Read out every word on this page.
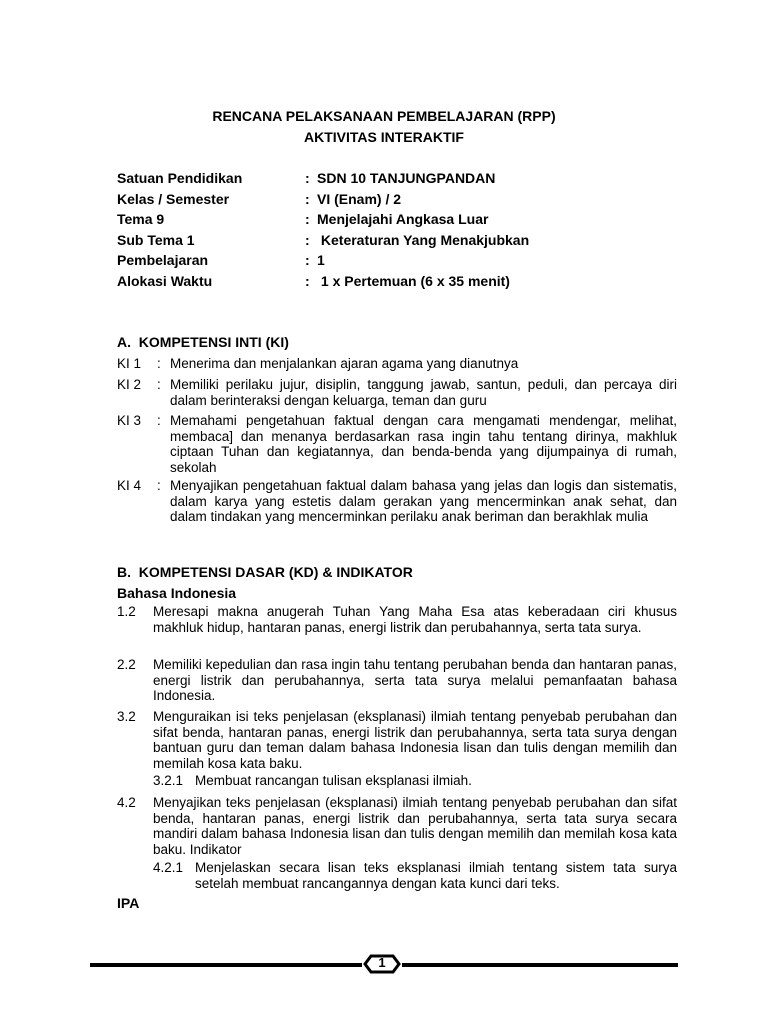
RENCANA PELAKSANAAN PEMBELAJARAN (RPP)
AKTIVITAS INTERAKTIF
Satuan Pendidikan	: SDN 10 TANJUNGPANDAN
Kelas / Semester	: VI (Enam) / 2
Tema 9	: Menjelajahi Angkasa Luar
Sub Tema 1	: Keteraturan Yang Menakjubkan
Pembelajaran	: 1
Alokasi Waktu	: 1 x Pertemuan (6 x 35 menit)
A.  KOMPETENSI INTI (KI)
KI 1 : Menerima dan menjalankan ajaran agama yang dianutnya
KI 2 : Memiliki perilaku jujur, disiplin, tanggung jawab, santun, peduli, dan percaya diri dalam berinteraksi dengan keluarga, teman dan guru
KI 3 : Memahami pengetahuan faktual dengan cara mengamati mendengar, melihat, membaca] dan menanya berdasarkan rasa ingin tahu tentang dirinya, makhluk ciptaan Tuhan dan kegiatannya, dan benda-benda yang dijumpainya di rumah, sekolah
KI 4 : Menyajikan pengetahuan faktual dalam bahasa yang jelas dan logis dan sistematis, dalam karya yang estetis dalam gerakan yang mencerminkan anak sehat, dan dalam tindakan yang mencerminkan perilaku anak beriman dan berakhlak mulia
B.  KOMPETENSI DASAR (KD) & INDIKATOR
Bahasa Indonesia
1.2 Meresapi makna anugerah Tuhan Yang Maha Esa atas keberadaan ciri khusus makhluk hidup, hantaran panas, energi listrik dan perubahannya, serta tata surya.
2.2 Memiliki kepedulian dan rasa ingin tahu tentang perubahan benda dan hantaran panas, energi listrik dan perubahannya, serta tata surya melalui pemanfaatan bahasa Indonesia.
3.2 Menguraikan isi teks penjelasan (eksplanasi) ilmiah tentang penyebab perubahan dan sifat benda, hantaran panas, energi listrik dan perubahannya, serta tata surya dengan bantuan guru dan teman dalam bahasa Indonesia lisan dan tulis dengan memilih dan memilah kosa kata baku.
3.2.1 Membuat rancangan tulisan eksplanasi ilmiah.
4.2 Menyajikan teks penjelasan (eksplanasi) ilmiah tentang penyebab perubahan dan sifat benda, hantaran panas, energi listrik dan perubahannya, serta tata surya secara mandiri dalam bahasa Indonesia lisan dan tulis dengan memilih dan memilah kosa kata baku. Indikator
4.2.1 Menjelaskan secara lisan teks eksplanasi ilmiah tentang sistem tata surya setelah membuat rancangannya dengan kata kunci dari teks.
IPA
1
